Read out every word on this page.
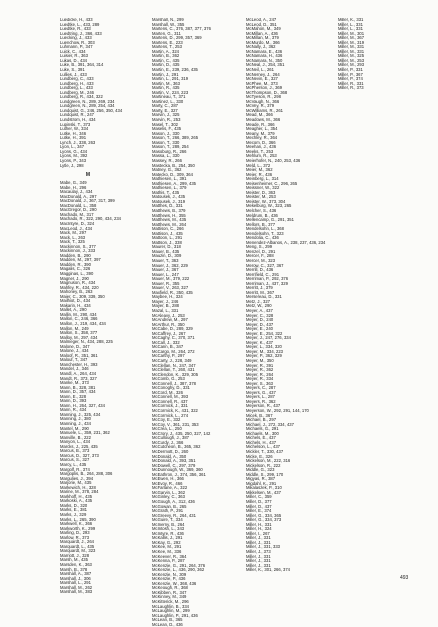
Luedicke, H., 433
Luedtke, L., 433, 289
Luedtke, R., 433
Luedtring, J., 366, 433
Luecking, J., 433
Luenchow, R., 303
Luhmann, P., 347
Luick, C., 434
Luisier, R., 363
Lukas, D., 434
Luke, B., 391, 364, 314
Luke, S., 391
Lullies, J., 433
Lundberg, C., 433
Lundberg, H., 433
Lundberg, L., 433
Lundberg, M., 246
Lundberg, R., 434, 322
Lundgreen, N., 289, 269, 234
Lundgreen, N., 289, 254, 434
Lundquist, G., 246, 256, 350, 434
Lundquist, R., 247
Lundstrom, H., 434
Lupinski, T., 373
Luther, W., 334
Lutke, H., 346
Lutke, H., 391
Lynch, J., 338, 263
Lyon, L., 347
Lyons, G., 434
Lyons, M., 392
Lyons, P., 343
Lytle, J., 298
M
Mabe, G., 349
Mabe, H., 296
Macaulay, J., 434
MacDonald, A., 297
MacDonald, J., 367, 317, 399
MacDonald, L., 358
MacGregor, D., 290
Machado, M., 317
Machado, R., 322, 290, 434, 234
MacIntyre, D., 324
MacLeod, J., 434
Mack, M., 297
Mack, L., 263
Mack, T., 325
Mackinnon, S., 377
Mackinnon, J., 333
Madden, B., 290
Madden, M., 297, 397
Madden, R., 390
Magalis, C., 326
Magginas, L., 390
Magner, J., 290
Magnuson, R., 434
Mahfey, R., 434, 220
Mahoney, B., 263
Maier, C., 309, 339, 350
Mailhiot, D., 434
Makarin, H., 434
Mallet, A., 290
Mallin, M., 290, 434
Mallon, C., 246, 366
Mallon, J., 219, 434, 434
Mallon, M., 249
Mallon, S., 358, 377
Malloy, M., 297, 434
Malmeger, N., 434, 288, 225
Malone, D., 347
Malone, J., 434
Maloof, R., 351, 361
Malouf, T., 347
Manchester, H., 393
Mandel, J., 346
Mandl, A., 264, 434
Mandt, R., 373, 327
Manke, M., 373
Mann, B., 328, 381
Mann, D., 357, 434
Mann, E., 328
Mann, D., 393
Mann, H., 264, 327, 434
Mann, R., 434
Manning, J., 325, 434
Manning, J., 380
Manning, J., 434
Mantel, M., 290
Manuele, L., 359, 231, 362
Manville, B., 222
Manyon, L., 434
Marcks, J., 225, 435
Marcus, B., 373
Marcus, D., 327, 373
Marcus, S., 327
Marcy, L., 435
Margolf, R., 374
Margoplis, B., 264, 288, 306
Margulies, J., 394
Marjorie, M., 435
Markewich, H., 328
Marine, M., 378, 284
Markhoff, H., 435
Markoski, A., 435
Marks, D., 320
Marks, E., 381
Marks, J., 329
Marks, L., 265, 390
Markwell, K., 366
Markworth, K., 299
Marling, D., 293
Marlow, R., 373
Marquardt, J., 264
Marquardt, L., 435
Marquardt, M., 323
Marriott, J., 328
Marsh, M., 435
Marsden, K., 363
Marsh, B., 378
Marshall, A., 387
Marshall, J., 306
Marshall, L., 291
Marshall, M., 262
Marshall, M., 383
Marshall, N., 299
Marshall, W., 355
Martens, C., 376, 387, 377, 376
Marten, G., 311
Martens, D., 299, 357, 369
Martens, E., 223
Martens, T., 253
Martin, A., 324
Martin, B., 362
Martin, C., 435
Martin, D., 435
Martin, E., 239, 236, 435
Martin, J., 291
Martin, L., 291, 319
Martin, M., 363
Martin, R., 435
Martin, V., 224, 223
Martineau, T., 371
Martinez, L., 330
Marty, C., 287
Marty, E., 327
Marvin, J., 325
Marvin, R., 253
Masel, T., 302
Maselis, F., 435
Mason, J., 330
Mason, T., 266, 389, 265
Mason, T., 330
Mason, T., 289, 254
Masoburg, R., 266
Massa, L., 330
Massey, R., 266
Mastecka, B., 254, 350
Matney, G., 362
Matecko, D., 309, 364
Mathiesen, L., 391
Mathiesen, A., 299, 435
Mathiesen, L., 379
Mathis, T., 435
Matousek, J., 435
Matousek, J., 319
Matthes, D., 331
Matthews, B., 379
Matthews, H., 355
Matthews, M., 435
Matthews, M., 264
Mattison, C., 266
Mattison, J., 435
Mattoon, L., 291
Mattson, J., 338
Maurer, D., 318
Mauer, B., 435
Mauzin, D., 309
Mauer, T., 363
Mauer, J., 362, 229
Mauer, J., 367
Mauer, L., 247
Mauer, M., 379, 222
Mauer, R., 355
Mauer, V., 263, 327
Maxfield, R., 350, 435
Maybee, H., 324
Mayer, J., 246
Mayer, B., 288
Mazal, L., 331
McAleavy, J., 253
McAndrew, M., 297
McArthur, R., 350
McCabe, D., 289, 329
McCaffrey, J., 267
McCaghy, C., 370, 371
McCall, J., 332
McCann, B., 347
McCargo, M., 264, 272
McCarthy, P., 297
McCarty, J., 228, 349
McClellan, N., 247, 347
McClellan, T., 260, 431
McClendon, K., 329, 305
McComb, G., 253
McConnell, J., 387, 378
McConoghy, D., 331
McCord, M., 326
McConnell, M., 393
McConnell, R., 437
McCormick, J., 331
McCormick, K., 431, 322
McCormick, L., 274
McCoy, E., 332
McCoy, V., 361, 231, 353
McCrea, L., 250
McCrory, J., 435, 250, 327, 142
McCullough, J., 387
McCurdy, J., 366
McCutcheon, B., 365, 362
McDermott, D., 260
McDonald, A., 350
McDonald, A., 393, 351
McDowell, C., 297, 379
McDunnough, W., 369, 360
McEathron, J., 374, 356, 361
McEwen, H., 366
McEvoy, R., 466
McFarlane, A., 322
McGarvin, L., 362
McGinley, C., 363
McGough, A., 312, 436
McGowan, B., 265
McGrath, P., 291
McGreevy, R., 264, 431
McGuire, T., 334
McInerny, B., 264
McIntosh, L., 343
McIntyre, R., 436
McKallis, J., 291
McKay, G., 292
McKee, M., 291
McKee, M., 336
McKeever, R., 364
McKenna, P., 287
McKenzie, G., 291, 264, 376
McKenzie, L., 436, 290, 362
McKenzie, N., 309
McKenzie, P., 436
McKenzie, W., 368, 436
McKeough, R., 368
McKibben, R., 347
McKinney, M., 349
McKitterick, M., 296
McLaughlin, B., 334
McLaughlin, M., 299
McLaughlin, P., 291, 436
McLean, B., 365
McLean, D., 436
McLeod, A., 247
McLeod, D., 351
McMahon, M., 349
McMillan, A., 436
McMillan, M., 379
McMurdo, M., 366
McNally, J., 362
McNamara, E., 436
McNamara, H., 436
McNamara, N., 350
McNeal, J., 254, 351
McNeil, L., 261
McNerney, J., 264
McNevin, E., 327
McPhee, M., 373
McPherson, J., 369
McThompson, D., 368
McTyeson, R., 298
McVaugh, N., 366
McVey, R., 379
McWilliams, R., 261
Mead, M., 366
Meadows, M., 366
Meade, R., 366
Meagher, L., 354
Meany, M., 379
Mechley, R., 364
Mecom, D., 366
Meehan, J., 436
Meeks, T., 253
Mehlum, R., 253
Meierhofer, N., 240, 253, 436
Meld, L., 372
Meier, M., 362
Meier, R., 436
Meinberg, L., 314
Meisenheimer, C., 296, 265
Meissner, W., 322
Meister, D., 363
Meister, M., 253
Meister, W., 373, 304
Mekelburg, W., 323, 265
Melcher, S., 436
Meldrum, B., 436
Mellencamp, G., 291, 351
Mellors, B., 377
Mendelsohn, L., 368
Mendelsohn, T., 323
Mendolia, C., 436
Menendez-Albanos, A., 238, 237, 436, 234
Meng, S., 299
Menzel, D., 291
Mercer, F., 288
Mercer, M., 323
Merow, C., 327, 367
Merrill, D., 436
Merrifield, C., 291
Merriman, P., 292, 376
Merriman, J., 437, 329
Merritt, J., 379
Merritt, M., 367
Mersereau, D., 331
Metz, J., 327
Metz, W., 290
Meyer, A., 437
Meyer, C., 328
Meyer, D., 240
Meyer, D., 437
Meyer, E., 240
Meyer, E., 254, 322
Meyer, J., 247, 276, 334
Meyer, K., 437
Meyer, L., 334, 320
Meyer, M., 334, 223
Meyer, P., 362, 329
Meyer, M., 350
Meyer, R., 391
Meyer, R., 362
Meyer, R., 264
Meyer, R., 334
Meyer, S., 363
Meyers, C., 287
Meyers, G., 437
Meyers, L., 287
Meyers, R., 362
Meyerson, R., 437
Meyerson, W., 292, 291, 144, 170
Micek, B., 367
Michael, B., 297
Michael, J., 272, 334, 437
Michaels, G., 291
Michaels, M., 300
Michels, E., 437
Michels, H., 437
Michelson, L., 437
Mickler, T., 330, 437
Micke, E., 326
Mickelson, M., 222, 316
Mickelson, R., 222
Middle, G., 323
Middle, S., 299, 170
Migyas, R., 387
Migdahl, K., 291
Mikalaszek, P., 310
Mikkelsen, M., 437
Miller, C., 359
Miller, D., 377
Miller, D., 437
Miller, E., 374
Miller, G., 334, 365
Miller, G., 334, 373
Miller, H., 331
Miller, H., 324
Miller, I., 267
Miller, J., 331
Miller, J., 331
Miller, J., 331, 333
Miller, J., 373
Miller, J., 331
Miller, J., 331
Miller, J., 331
Miller, K., 301, 266, 374
Miller, K., 331
Miller, L., 331
Miller, L., 331
Miller, M., 301
Miller, M., 367
Miller, M., 319
Miller, M., 331
Miller, M., 331
Miller, M., 325
Miller, M., 253
Miller, M., 293
Miller, P., 331
Miller, P., 367
Miller, P., 374
Miller, R., 331
Miller, R., 373
493
